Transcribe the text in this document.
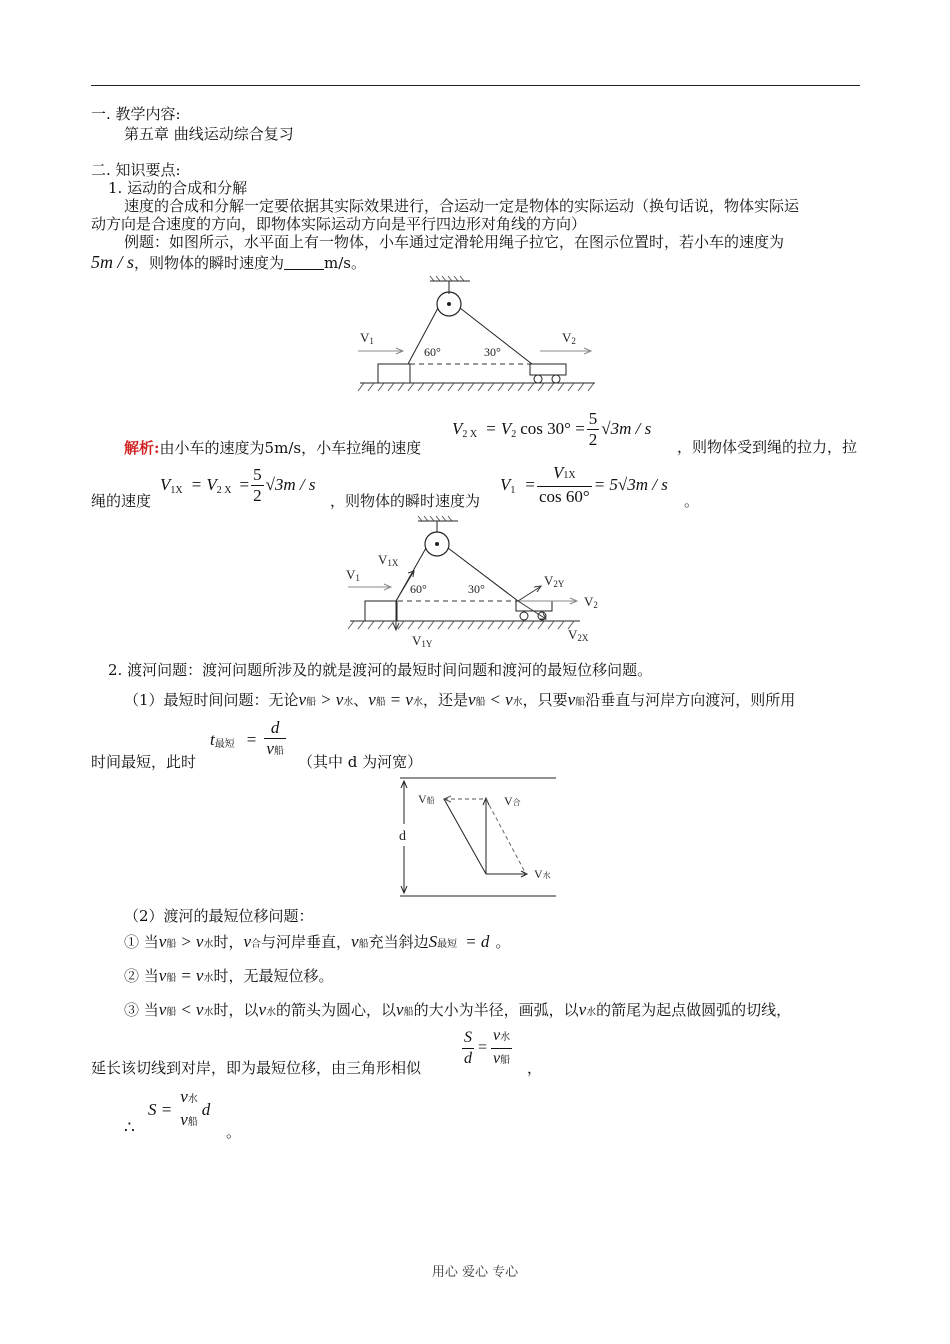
一. 教学内容:
第五章 曲线运动综合复习
二. 知识要点:
1. 运动的合成和分解
速度的合成和分解一定要依据其实际效果进行，合运动一定是物体的实际运动（换句话说，物体实际运
动方向是合速度的方向，即物体实际运动方向是平行四边形对角线的方向）
例题：如图所示，水平面上有一物体，小车通过定滑轮用绳子拉它，在图示位置时，若小车的速度为
5m / s，则物体的瞬时速度为	m/s。
V1	V2
60°	30°
解析:由小车的速度为5m/s，小车拉绳的速度
V 2 X = V 2 $\cos 30^\circ = \frac{5}{2} √3m / s$
，则物体受到绳的拉力，拉
绳的速度
V 1X = V 2 $X = \frac{5}{2} √3m / s$
，则物体的瞬时速度为
V $1 = \frac{V1X}{\cos 60^\circ} = 5√3m / s$
。
V1X
V1
V1Y
V2Y
V2
V2X
60°	30°
2. 渡河问题：渡河问题所涉及的就是渡河的最短时间问题和渡河的最短位移问题。
（1）最短时间问题：无论 v 船 > v 水 、 v 船 = v 水 ，还是 v 船 < v 水 ，只要 v 船 沿垂直与河岸方向渡河，则所用
时间最短，此时
t 最短 = $\frac{d}{\text{v船}}$ （其中 d 为河宽）
V船	V合
V水
d
（2）渡河的最短位移问题：
① 当 v 船 > v 水 时， v 合 与河岸垂直， v 船 充当斜边 S 最短 = d 。
② 当 v 船 = v 水 时，无最短位移。
③ 当 v 船 < v 水 时，以 v 水 的箭头为圆心，以 v 船 的大小为半径，画弧，以 v 水 的箭尾为起点做圆弧的切线，
延长该切线到对岸，即为最短位移，由三角形相似	$\frac{S}{d} = \frac{\text{v水}}{\text{v船}}$ ，
∴
S =
v水
v船
d
。
用心 爱心 专心
